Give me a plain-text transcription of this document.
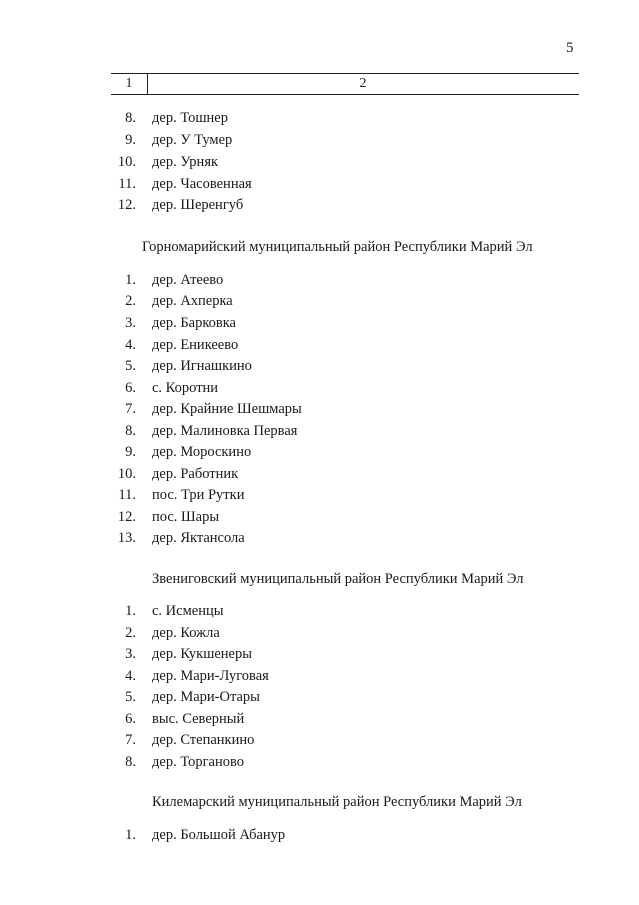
5
1	2
8. дер. Тошнер
9. дер. У Тумер
10. дер. Урняк
11. дер. Часовенная
12. дер. Шеренгуб
Горномарийский муниципальный район Республики Марий Эл
1. дер. Атеево
2. дер. Ахперка
3. дер. Барковка
4. дер. Еникеево
5. дер. Игнашкино
6. с. Коротни
7. дер. Крайние Шешмары
8. дер. Малиновка Первая
9. дер. Мороскино
10. дер. Работник
11. пос. Три Рутки
12. пос. Шары
13. дер. Яктансола
Звениговский муниципальный район Республики Марий Эл
1. с. Исменцы
2. дер. Кожла
3. дер. Кукшенеры
4. дер. Мари-Луговая
5. дер. Мари-Отары
6. выс. Северный
7. дер. Степанкино
8. дер. Торганово
Килемарский муниципальный район Республики Марий Эл
1. дер. Большой Абанур
